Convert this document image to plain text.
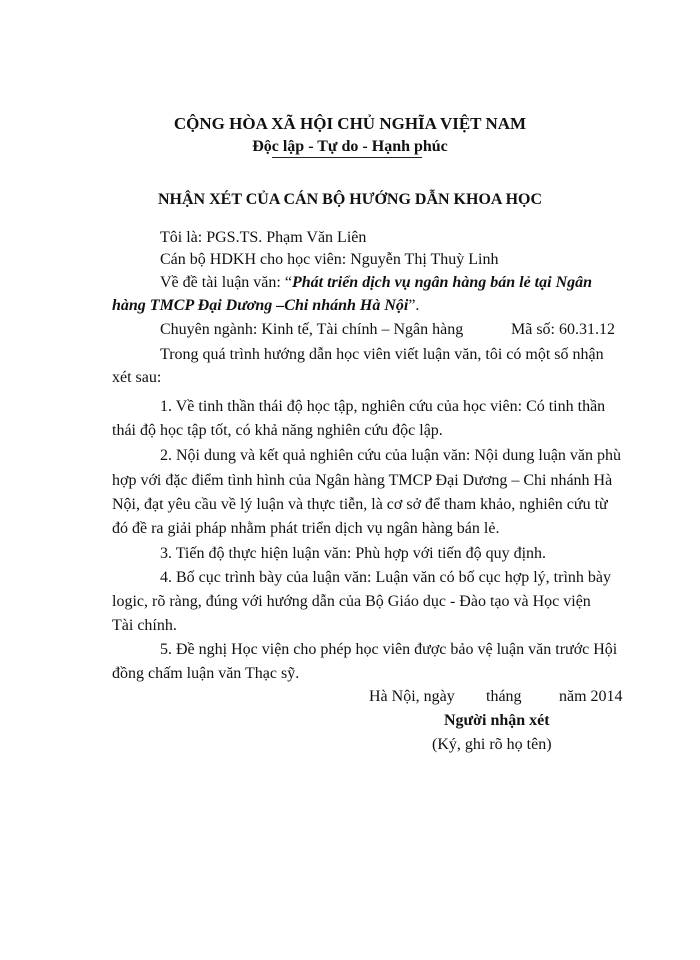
CỘNG HÒA XÃ HỘI CHỦ NGHĨA VIỆT NAM
Độc lập - Tự do - Hạnh phúc
NHẬN XÉT CỦA CÁN BỘ HƯỚNG DẪN KHOA HỌC
Tôi là: PGS.TS. Phạm Văn Liên
Cán bộ HDKH cho học viên: Nguyễn Thị Thuỳ Linh
Về đề tài luận văn: “Phát triển dịch vụ ngân hàng bán lẻ tại Ngân
hàng TMCP Đại Dương –Chi nhánh Hà Nội”.
Chuyên ngành: Kinh tế, Tài chính – Ngân hàng	Mã số: 60.31.12
Trong quá trình hướng dẫn học viên viết luận văn, tôi có một số nhận
xét sau:
1. Về tinh thần thái độ học tập, nghiên cứu của học viên: Có tinh thần
thái độ học tập tốt, có khả năng nghiên cứu độc lập.
2. Nội dung và kết quả nghiên cứu của luận văn: Nội dung luận văn phù
hợp với đặc điểm tình hình của Ngân hàng TMCP Đại Dương – Chi nhánh Hà
Nội, đạt yêu cầu về lý luận và thực tiễn, là cơ sở để tham khảo, nghiên cứu từ
đó đề ra giải pháp nhằm phát triển dịch vụ ngân hàng bán lẻ.
3. Tiến độ thực hiện luận văn: Phù hợp với tiến độ quy định.
4. Bố cục trình bày của luận văn: Luận văn có bố cục hợp lý, trình bày
logic, rõ ràng, đúng với hướng dẫn của Bộ Giáo dục - Đào tạo và Học viện
Tài chính.
5. Đề nghị Học viện cho phép học viên được bảo vệ luận văn trước Hội
đồng chấm luận văn Thạc sỹ.
Hà Nội, ngày tháng năm 2014
Người nhận xét
(Ký, ghi rõ họ tên)
